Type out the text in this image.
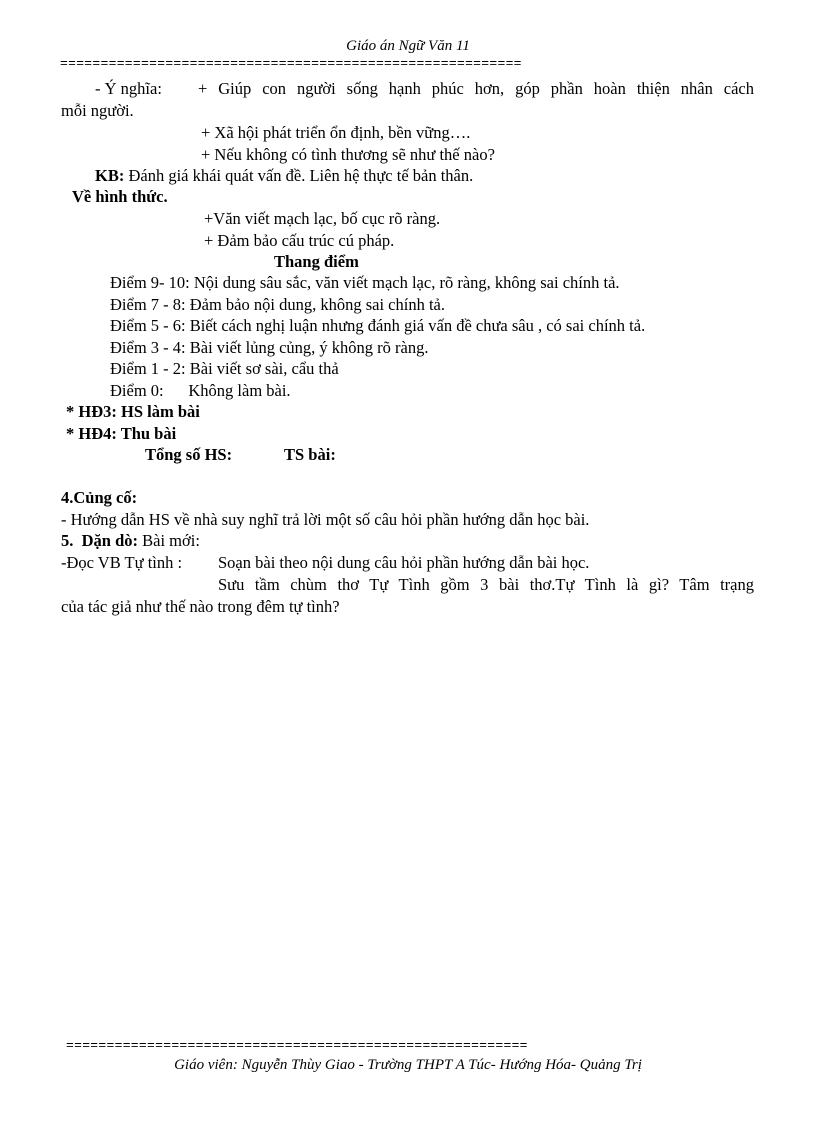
Giáo án Ngữ Văn 11
=========================================================
- Ý nghĩa: + Giúp con người sống hạnh phúc hơn, góp phần hoàn thiện nhân cách
mỗi người.
+ Xã hội phát triển ổn định, bền vững….
+ Nếu không có tình thương sẽ như thế nào?
KB: Đánh giá khái quát vấn đề. Liên hệ thực tế bản thân.
Về hình thức.
+Văn viết mạch lạc, bố cục rõ ràng.
+ Đảm bảo cấu trúc cú pháp.
Thang điểm
Điểm 9- 10: Nội dung sâu sắc, văn viết mạch lạc, rõ ràng, không sai chính tả.
Điểm 7 - 8: Đảm bảo nội dung, không sai chính tả.
Điểm 5 - 6: Biết cách nghị luận nhưng đánh giá vấn đề chưa sâu , có sai chính tả.
Điểm 3 - 4: Bài viết lủng củng, ý không rõ ràng.
Điểm 1 - 2: Bài viết sơ sài, cẩu thả
Điểm 0:      Không làm bài.
* HĐ3: HS làm bài
* HĐ4: Thu bài
Tổng số HS:	TS bài:
4.Củng cố:
- Hướng dẫn HS về nhà suy nghĩ trả lời một số câu hỏi phần hướng dẫn học bài.
5.  Dặn dò: Bài mới:
-Đọc VB Tự tình : Soạn bài theo nội dung câu hỏi phần hướng dẫn bài học.
Sưu tầm chùm thơ Tự Tình gồm 3 bài thơ.Tự Tình là gì? Tâm trạng
của tác giả như thế nào trong đêm tự tình?
=========================================================
Giáo viên: Nguyễn Thùy Giao - Trường THPT A Túc- Hướng Hóa- Quảng Trị
